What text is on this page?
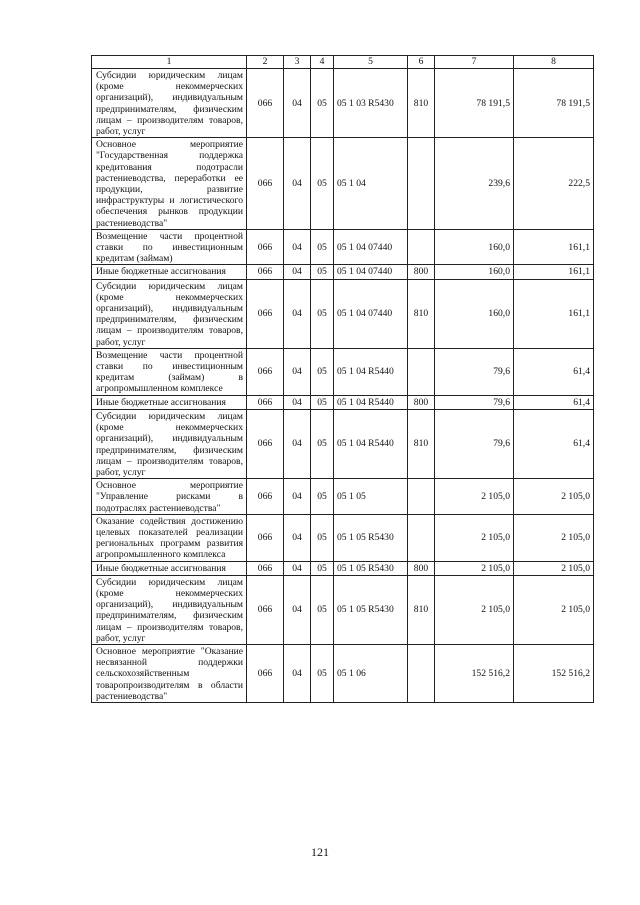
1	2	3	4	5	6	7	8
Субсидии юридическим лицам (кроме некоммерческих организаций), индивидуальным предпринимателям, физическим лицам – производителям товаров, работ, услуг	066	04	05	05 1 03 R5430	810	78 191,5	78 191,5
Основное мероприятие "Государственная поддержка кредитования подотрасли растениеводства, переработки ее продукции, развитие инфраструктуры и логистического обеспечения рынков продукции растениеводства"	066	04	05	05 1 04		239,6	222,5
Возмещение части процентной ставки по инвестиционным кредитам (займам)	066	04	05	05 1 04 07440		160,0	161,1
Иные бюджетные ассигнования	066	04	05	05 1 04 07440	800	160,0	161,1
Субсидии юридическим лицам (кроме некоммерческих организаций), индивидуальным предпринимателям, физическим лицам – производителям товаров, работ, услуг	066	04	05	05 1 04 07440	810	160,0	161,1
Возмещение части процентной ставки по инвестиционным кредитам (займам) в агропромышленном комплексе	066	04	05	05 1 04 R5440		79,6	61,4
Иные бюджетные ассигнования	066	04	05	05 1 04 R5440	800	79,6	61,4
Субсидии юридическим лицам (кроме некоммерческих организаций), индивидуальным предпринимателям, физическим лицам – производителям товаров, работ, услуг	066	04	05	05 1 04 R5440	810	79,6	61,4
Основное мероприятие "Управление рисками в подотраслях растениеводства"	066	04	05	05 1 05		2 105,0	2 105,0
Оказание содействия достижению целевых показателей реализации региональных программ развития агропромышленного комплекса	066	04	05	05 1 05 R5430		2 105,0	2 105,0
Иные бюджетные ассигнования	066	04	05	05 1 05 R5430	800	2 105,0	2 105,0
Субсидии юридическим лицам (кроме некоммерческих организаций), индивидуальным предпринимателям, физическим лицам – производителям товаров, работ, услуг	066	04	05	05 1 05 R5430	810	2 105,0	2 105,0
Основное мероприятие "Оказание несвязанной поддержки сельскохозяйственным товаропроизводителям в области растениеводства"	066	04	05	05 1 06		152 516,2	152 516,2
121
